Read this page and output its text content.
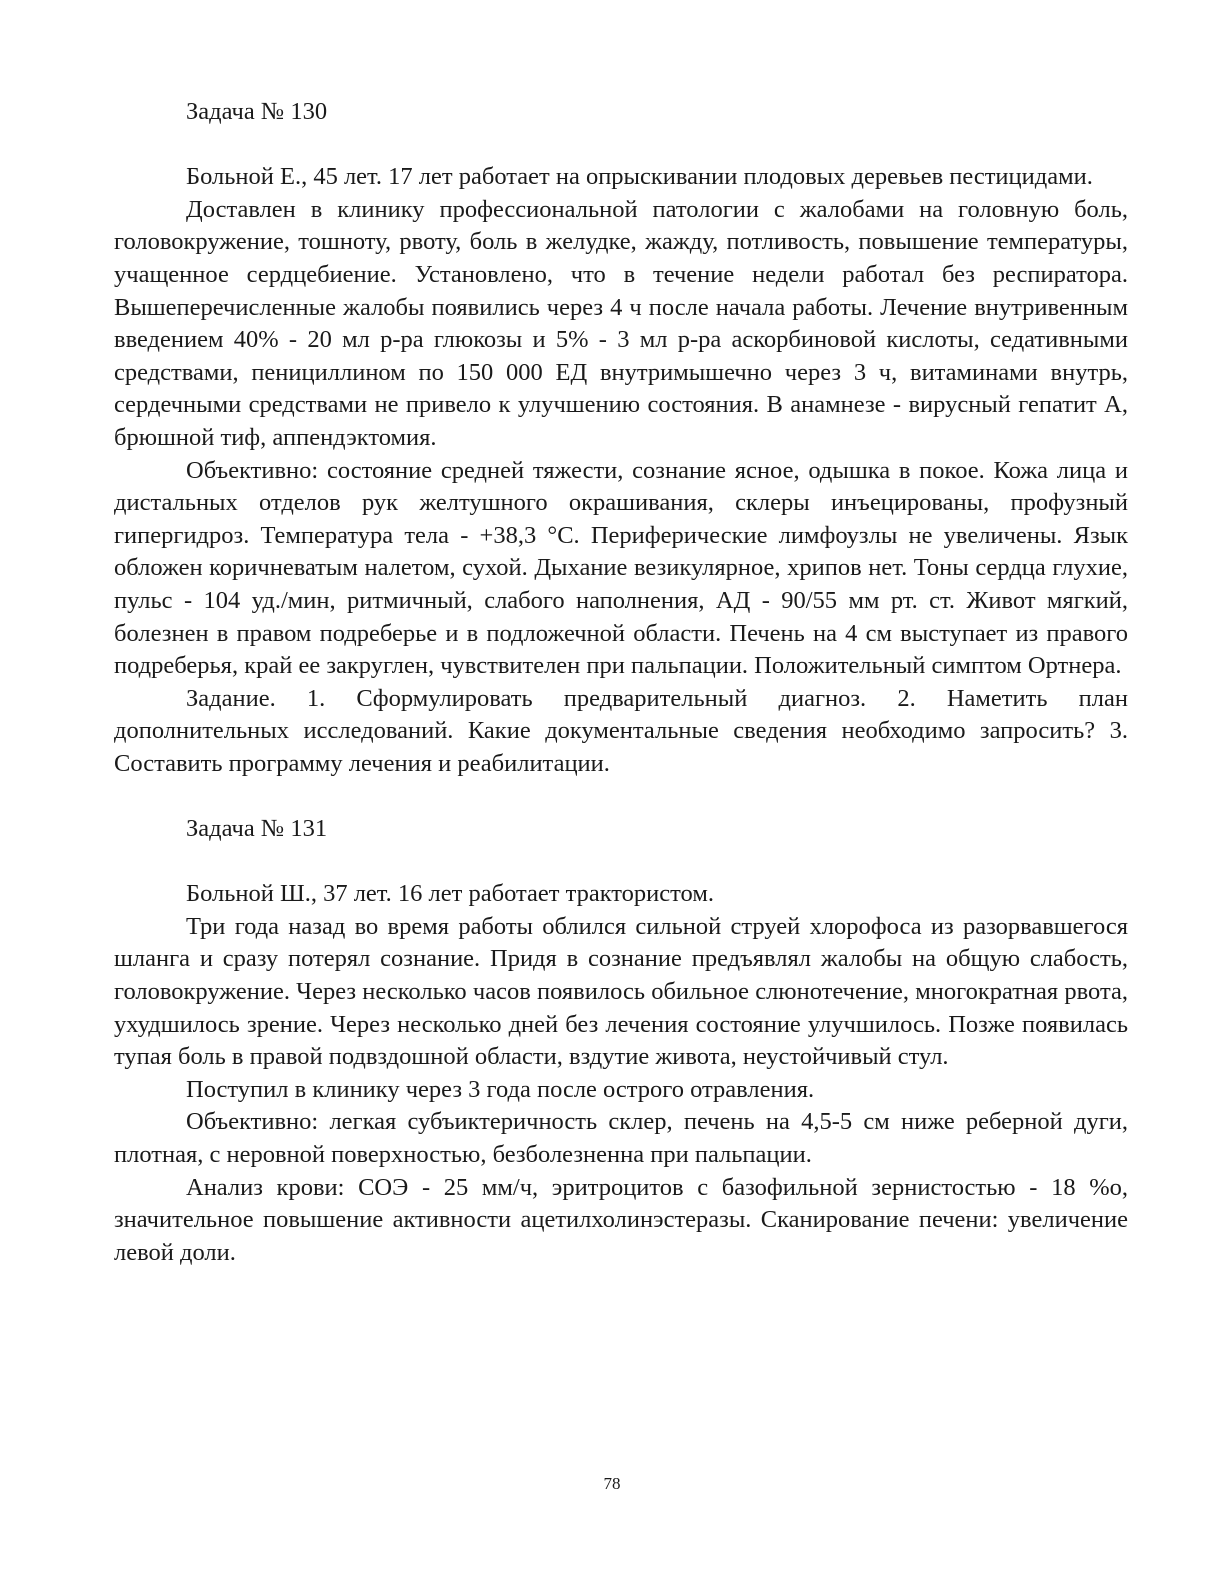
Задача № 130

Больной Е., 45 лет. 17 лет работает на опрыскивании плодовых деревьев пестицидами.

Доставлен в клинику профессиональной патологии с жалобами на головную боль, головокружение, тошноту, рвоту, боль в желудке, жажду, потливость, повышение температуры, учащенное сердцебиение. Установлено, что в течение недели работал без респиратора. Вышеперечисленные жалобы появились через 4 ч после начала работы. Лечение внутривенным введением 40% - 20 мл р-ра глюкозы и 5% - 3 мл р-ра аскорбиновой кислоты, седативными средствами, пенициллином по 150 000 ЕД внутримышечно через 3 ч, витаминами внутрь, сердечными средствами не привело к улучшению состояния. В анамнезе - вирусный гепатит А, брюшной тиф, аппендэктомия.

Объективно: состояние средней тяжести, сознание ясное, одышка в покое. Кожа лица и дистальных отделов рук желтушного окрашивания, склеры инъецированы, профузный гипергидроз. Температура тела - +38,3 °С. Периферические лимфоузлы не увеличены. Язык обложен коричневатым налетом, сухой. Дыхание везикулярное, хрипов нет. Тоны сердца глухие, пульс - 104 уд./мин, ритмичный, слабого наполнения, АД - 90/55 мм рт. ст. Живот мягкий, болезнен в правом подреберье и в подложечной области. Печень на 4 см выступает из правого подреберья, край ее закруглен, чувствителен при пальпации. Положительный симптом Ортнера.

Задание. 1. Сформулировать предварительный диагноз. 2. Наметить план дополнительных исследований. Какие документальные сведения необходимо запросить? 3. Составить программу лечения и реабилитации.

Задача № 131

Больной Ш., 37 лет. 16 лет работает трактористом.

Три года назад во время работы облился сильной струей хлорофоса из разорвавшегося шланга и сразу потерял сознание. Придя в сознание предъявлял жалобы на общую слабость, головокружение. Через несколько часов появилось обильное слюнотечение, многократная рвота, ухудшилось зрение. Через несколько дней без лечения состояние улучшилось. Позже появилась тупая боль в правой подвздошной области, вздутие живота, неустойчивый стул.

Поступил в клинику через 3 года после острого отравления.

Объективно: легкая субъиктеричность склер, печень на 4,5-5 см ниже реберной дуги, плотная, с неровной поверхностью, безболезненна при пальпации.

Анализ крови: СОЭ - 25 мм/ч, эритроцитов с базофильной зернистостью - 18 %o, значительное повышение активности ацетилхолинэстеразы. Сканирование печени: увеличение левой доли.

78
